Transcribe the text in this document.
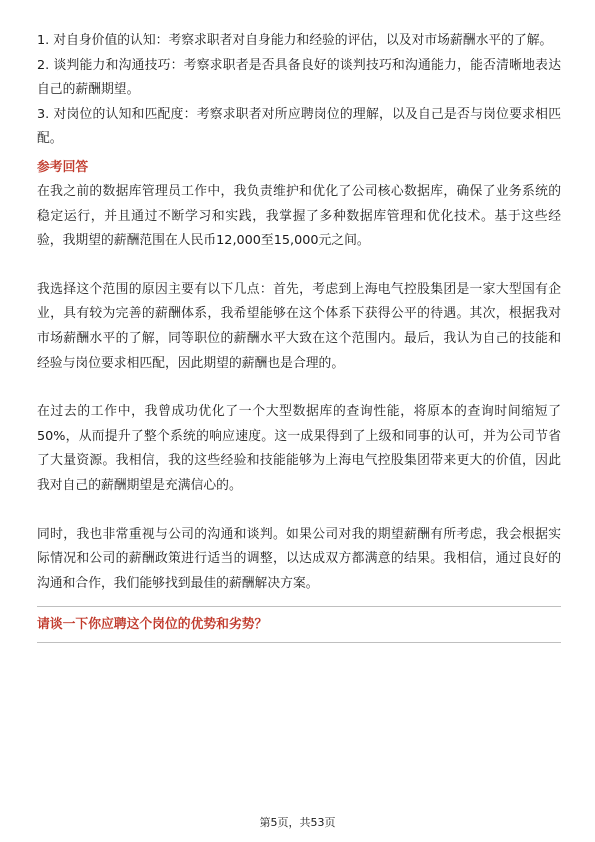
1. 对自身价值的认知：考察求职者对自身能力和经验的评估，以及对市场薪酬水平的了解。

2. 谈判能力和沟通技巧：考察求职者是否具备良好的谈判技巧和沟通能力，能否清晰地表达自己的薪酬期望。

3. 对岗位的认知和匹配度：考察求职者对所应聘岗位的理解，以及自己是否与岗位要求相匹配。

参考回答

在我之前的数据库管理员工作中，我负责维护和优化了公司核心数据库，确保了业务系统的稳定运行，并且通过不断学习和实践，我掌握了多种数据库管理和优化技术。基于这些经验，我期望的薪酬范围在人民币12,000至15,000元之间。

我选择这个范围的原因主要有以下几点：首先，考虑到上海电气控股集团是一家大型国有企业，具有较为完善的薪酬体系，我希望能够在这个体系下获得公平的待遇。其次，根据我对市场薪酬水平的了解，同等职位的薪酬水平大致在这个范围内。最后，我认为自己的技能和经验与岗位要求相匹配，因此期望的薪酬也是合理的。

在过去的工作中，我曾成功优化了一个大型数据库的查询性能，将原本的查询时间缩短了50%，从而提升了整个系统的响应速度。这一成果得到了上级和同事的认可，并为公司节省了大量资源。我相信，我的这些经验和技能能够为上海电气控股集团带来更大的价值，因此我对自己的薪酬期望是充满信心的。

同时，我也非常重视与公司的沟通和谈判。如果公司对我的期望薪酬有所考虑，我会根据实际情况和公司的薪酬政策进行适当的调整，以达成双方都满意的结果。我相信，通过良好的沟通和合作，我们能够找到最佳的薪酬解决方案。

请谈一下你应聘这个岗位的优势和劣势？
第5页，共53页
